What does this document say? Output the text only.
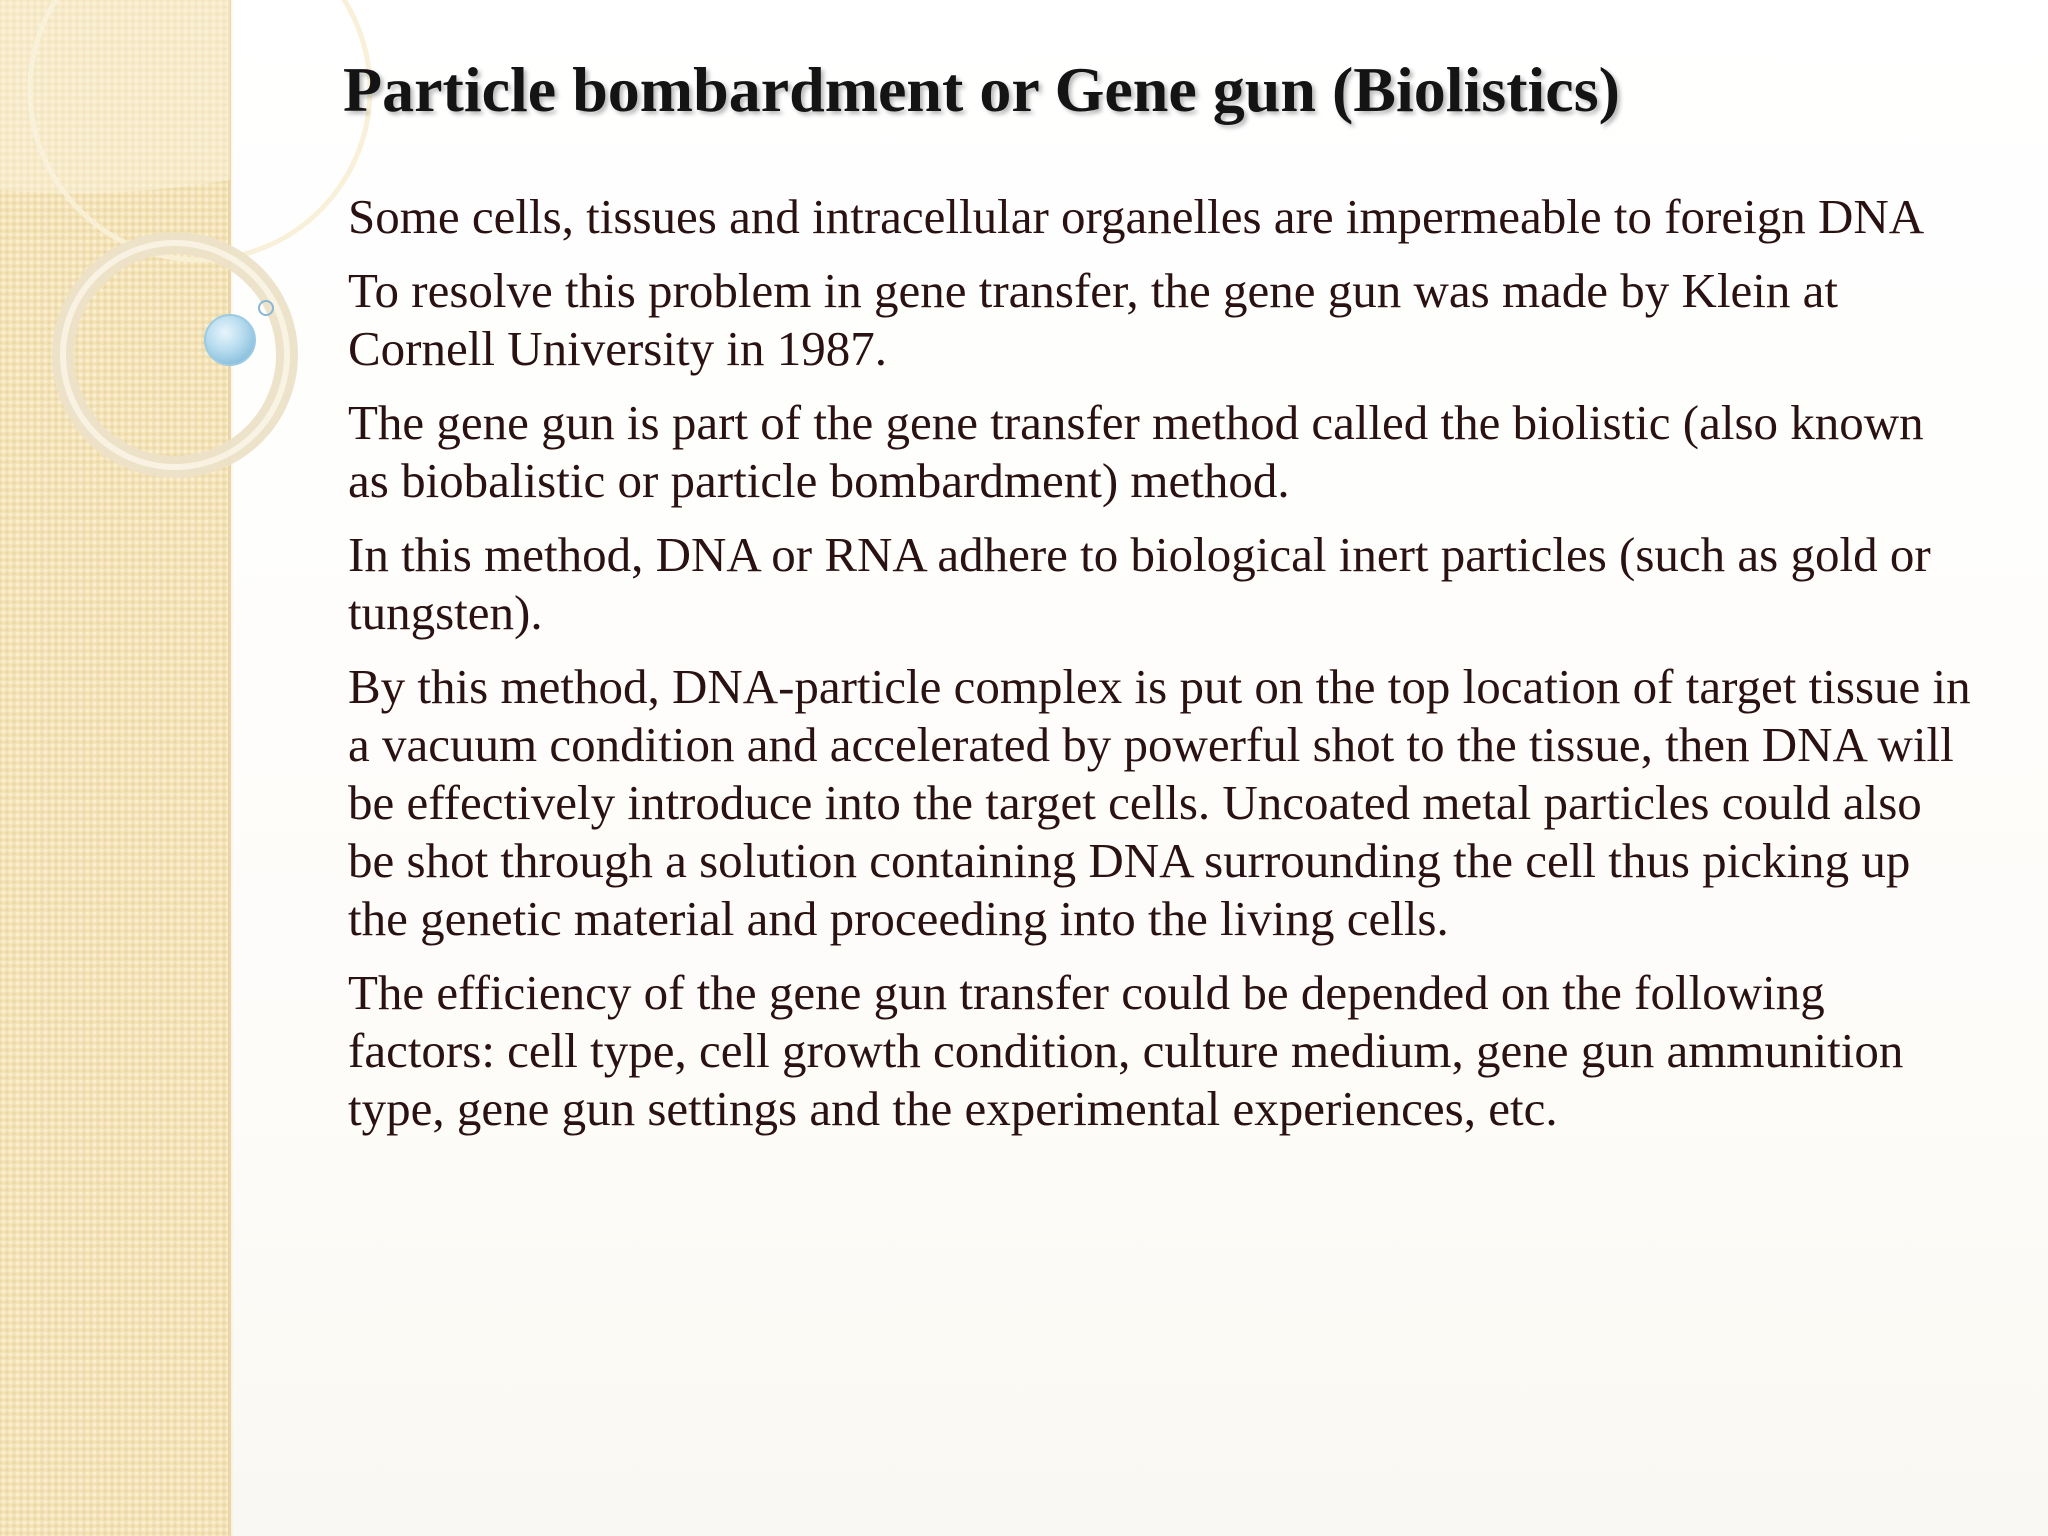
Particle bombardment or Gene gun (Biolistics)
Some cells, tissues and intracellular organelles are impermeable to foreign DNA
To resolve this problem in gene transfer, the gene gun was made by Klein at Cornell University in 1987.
The gene gun is part of the gene transfer method called the biolistic (also known as biobalistic or particle bombardment) method.
In this method, DNA or RNA adhere to biological inert particles (such as gold or tungsten).
By this method, DNA-particle complex is put on the top location of target tissue in a vacuum condition and accelerated by powerful shot to the tissue, then DNA will be effectively introduce into the target cells. Uncoated metal particles could also be shot through a solution containing DNA surrounding the cell thus picking up the genetic material and proceeding into the living cells.
The efficiency of the gene gun transfer could be depended on the following factors: cell type, cell growth condition, culture medium, gene gun ammunition type, gene gun settings and the experimental experiences, etc.
